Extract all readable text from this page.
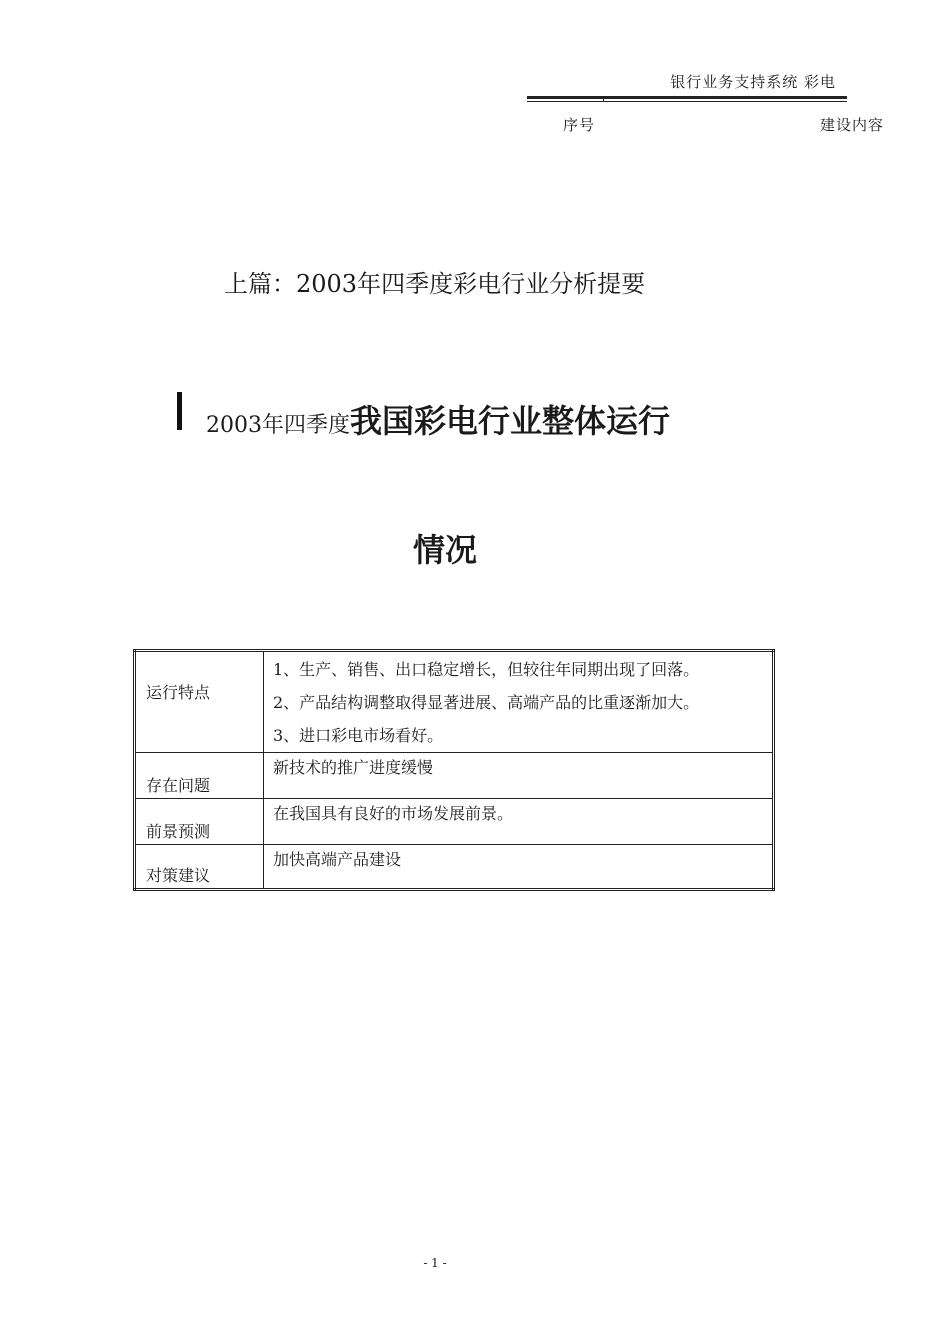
银行业务支持系统 彩电
序号	建设内容
上篇：2003年四季度彩电行业分析提要
2003年四季度我国彩电行业整体运行
情况
运行特点	1、生产、销售、出口稳定增长，但较往年同期出现了回落。
2、产品结构调整取得显著进展、高端产品的比重逐渐加大。
3、进口彩电市场看好。

存在问题	新技术的推广进度缓慢

前景预测	在我国具有良好的市场发展前景。

对策建议	加快高端产品建设
- 1 -
